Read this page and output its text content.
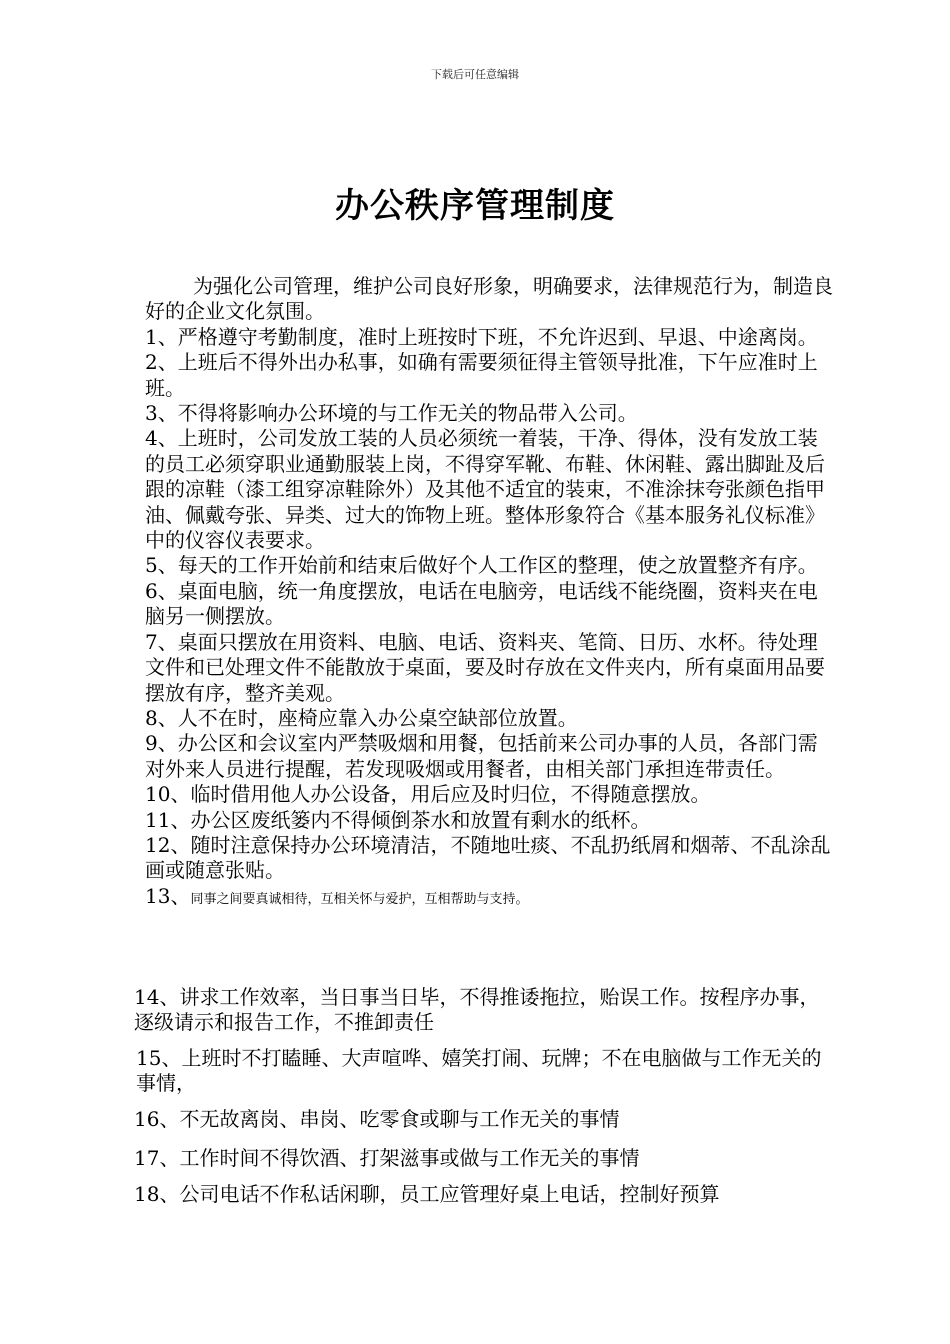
下载后可任意编辑
办公秩序管理制度

为强化公司管理，维护公司良好形象，明确要求，法律规范行为，制造良好的企业文化氛围。

1、严格遵守考勤制度，准时上班按时下班，不允许迟到、早退、中途离岗。

2、上班后不得外出办私事，如确有需要须征得主管领导批准，下午应准时上班。

3、不得将影响办公环境的与工作无关的物品带入公司。

4、上班时，公司发放工装的人员必须统一着装，干净、得体，没有发放工装的员工必须穿职业通勤服装上岗，不得穿军靴、布鞋、休闲鞋、露出脚趾及后跟的凉鞋（漆工组穿凉鞋除外）及其他不适宜的装束，不准涂抹夸张颜色指甲油、佩戴夸张、异类、过大的饰物上班。整体形象符合《基本服务礼仪标准》中的仪容仪表要求。

5、每天的工作开始前和结束后做好个人工作区的整理，使之放置整齐有序。

6、桌面电脑，统一角度摆放，电话在电脑旁，电话线不能绕圈，资料夹在电脑另一侧摆放。

7、桌面只摆放在用资料、电脑、电话、资料夹、笔筒、日历、水杯。待处理文件和已处理文件不能散放于桌面，要及时存放在文件夹内，所有桌面用品要摆放有序，整齐美观。

8、人不在时，座椅应靠入办公桌空缺部位放置。

9、办公区和会议室内严禁吸烟和用餐，包括前来公司办事的人员，各部门需对外来人员进行提醒，若发现吸烟或用餐者，由相关部门承担连带责任。

10、临时借用他人办公设备，用后应及时归位，不得随意摆放。

11、办公区废纸篓内不得倾倒茶水和放置有剩水的纸杯。

12、随时注意保持办公环境清洁，不随地吐痰、不乱扔纸屑和烟蒂、不乱涂乱画或随意张贴。

13、同事之间要真诚相待，互相关怀与爱护，互相帮助与支持。

14、讲求工作效率，当日事当日毕，不得推诿拖拉，贻误工作。按程序办事，逐级请示和报告工作，不推卸责任

15、上班时不打瞌睡、大声喧哗、嬉笑打闹、玩牌；不在电脑做与工作无关的事情，

16、不无故离岗、串岗、吃零食或聊与工作无关的事情

17、工作时间不得饮酒、打架滋事或做与工作无关的事情

18、公司电话不作私话闲聊，员工应管理好桌上电话，控制好预算
